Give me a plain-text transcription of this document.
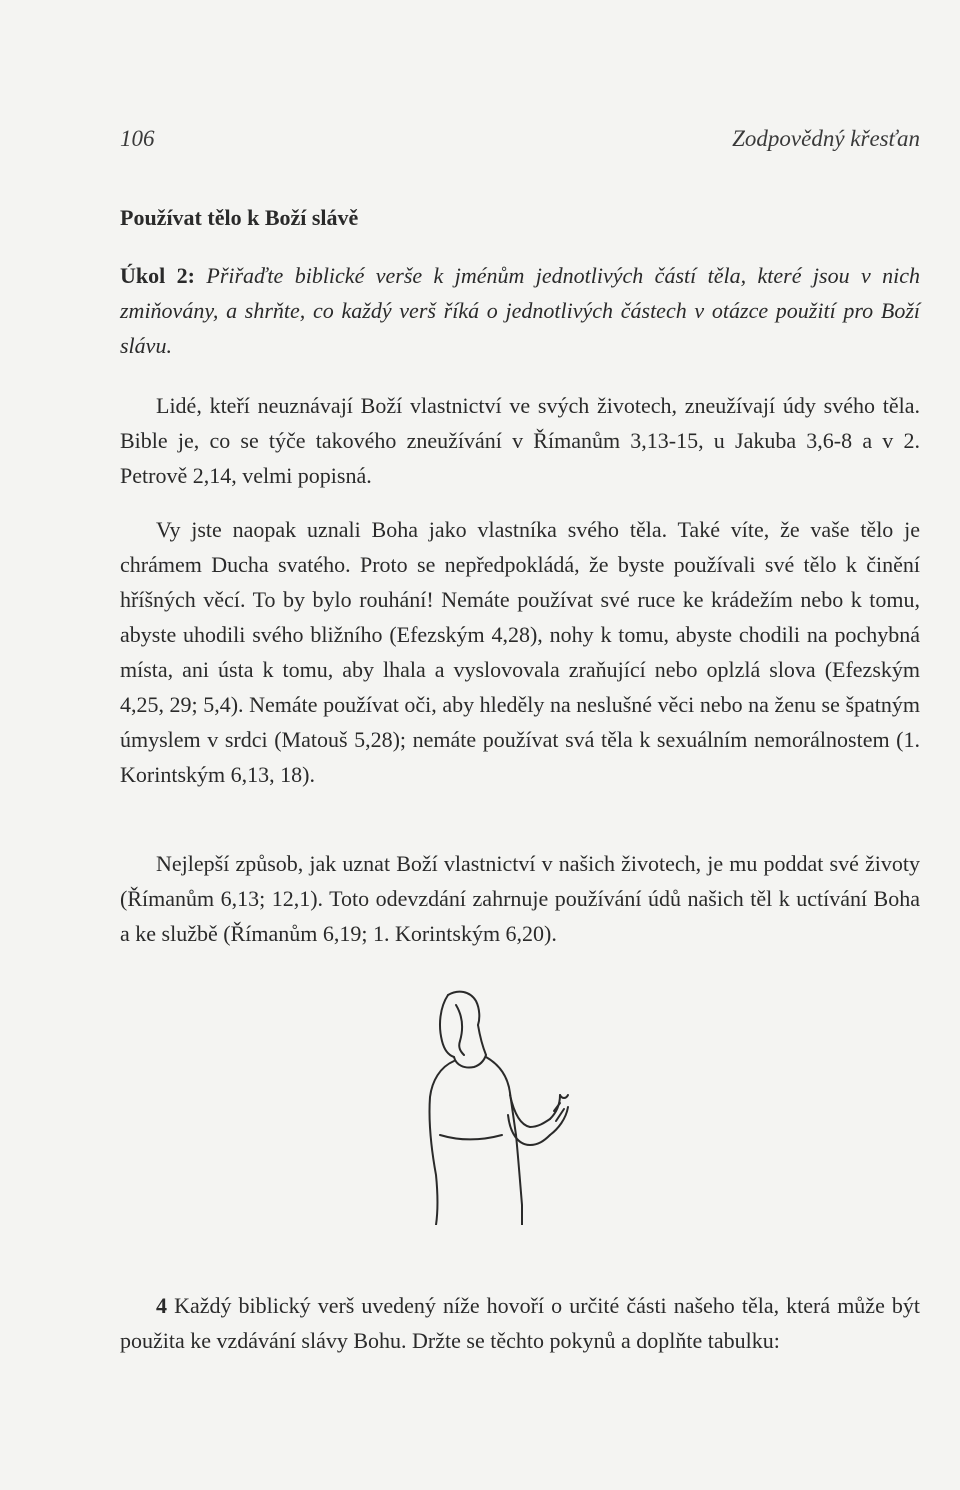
106	Zodpovědný křesťan
Používat tělo k Boží slávě
Úkol 2: Přiřaďte biblické verše k jménům jednotlivých částí těla, které jsou v nich zmiňovány, a shrňte, co každý verš říká o jednotlivých částech v otázce použití pro Boží slávu.

Lidé, kteří neuznávají Boží vlastnictví ve svých životech, zneužívají údy svého těla. Bible je, co se týče takového zneužívání v Římanům 3,13-15, u Jakuba 3,6-8 a v 2. Petrově 2,14, velmi popisná.

Vy jste naopak uznali Boha jako vlastníka svého těla. Také víte, že vaše tělo je chrámem Ducha svatého. Proto se nepředpokládá, že byste používali své tělo k činění hříšných věcí. To by bylo rouhání! Nemáte používat své ruce ke krádežím nebo k tomu, abyste uhodili svého bližního (Efezským 4,28), nohy k tomu, abyste chodili na pochybná místa, ani ústa k tomu, aby lhala a vyslovovala zraňující nebo oplzlá slova (Efezským 4,25, 29; 5,4). Nemáte používat oči, aby hleděly na neslušné věci nebo na ženu se špatným úmyslem v srdci (Matouš 5,28); nemáte používat svá těla k sexuálním nemorálnostem (1. Korintským 6,13, 18).

Nejlepší způsob, jak uznat Boží vlastnictví v našich životech, je mu poddat své životy (Římanům 6,13; 12,1). Toto odevzdání zahrnuje používání údů našich těl k uctívání Boha a ke službě (Římanům 6,19; 1. Korintským 6,20).

4 Každý biblický verš uvedený níže hovoří o určité části našeho těla, která může být použita ke vzdávání slávy Bohu. Držte se těchto pokynů a doplňte tabulku:
